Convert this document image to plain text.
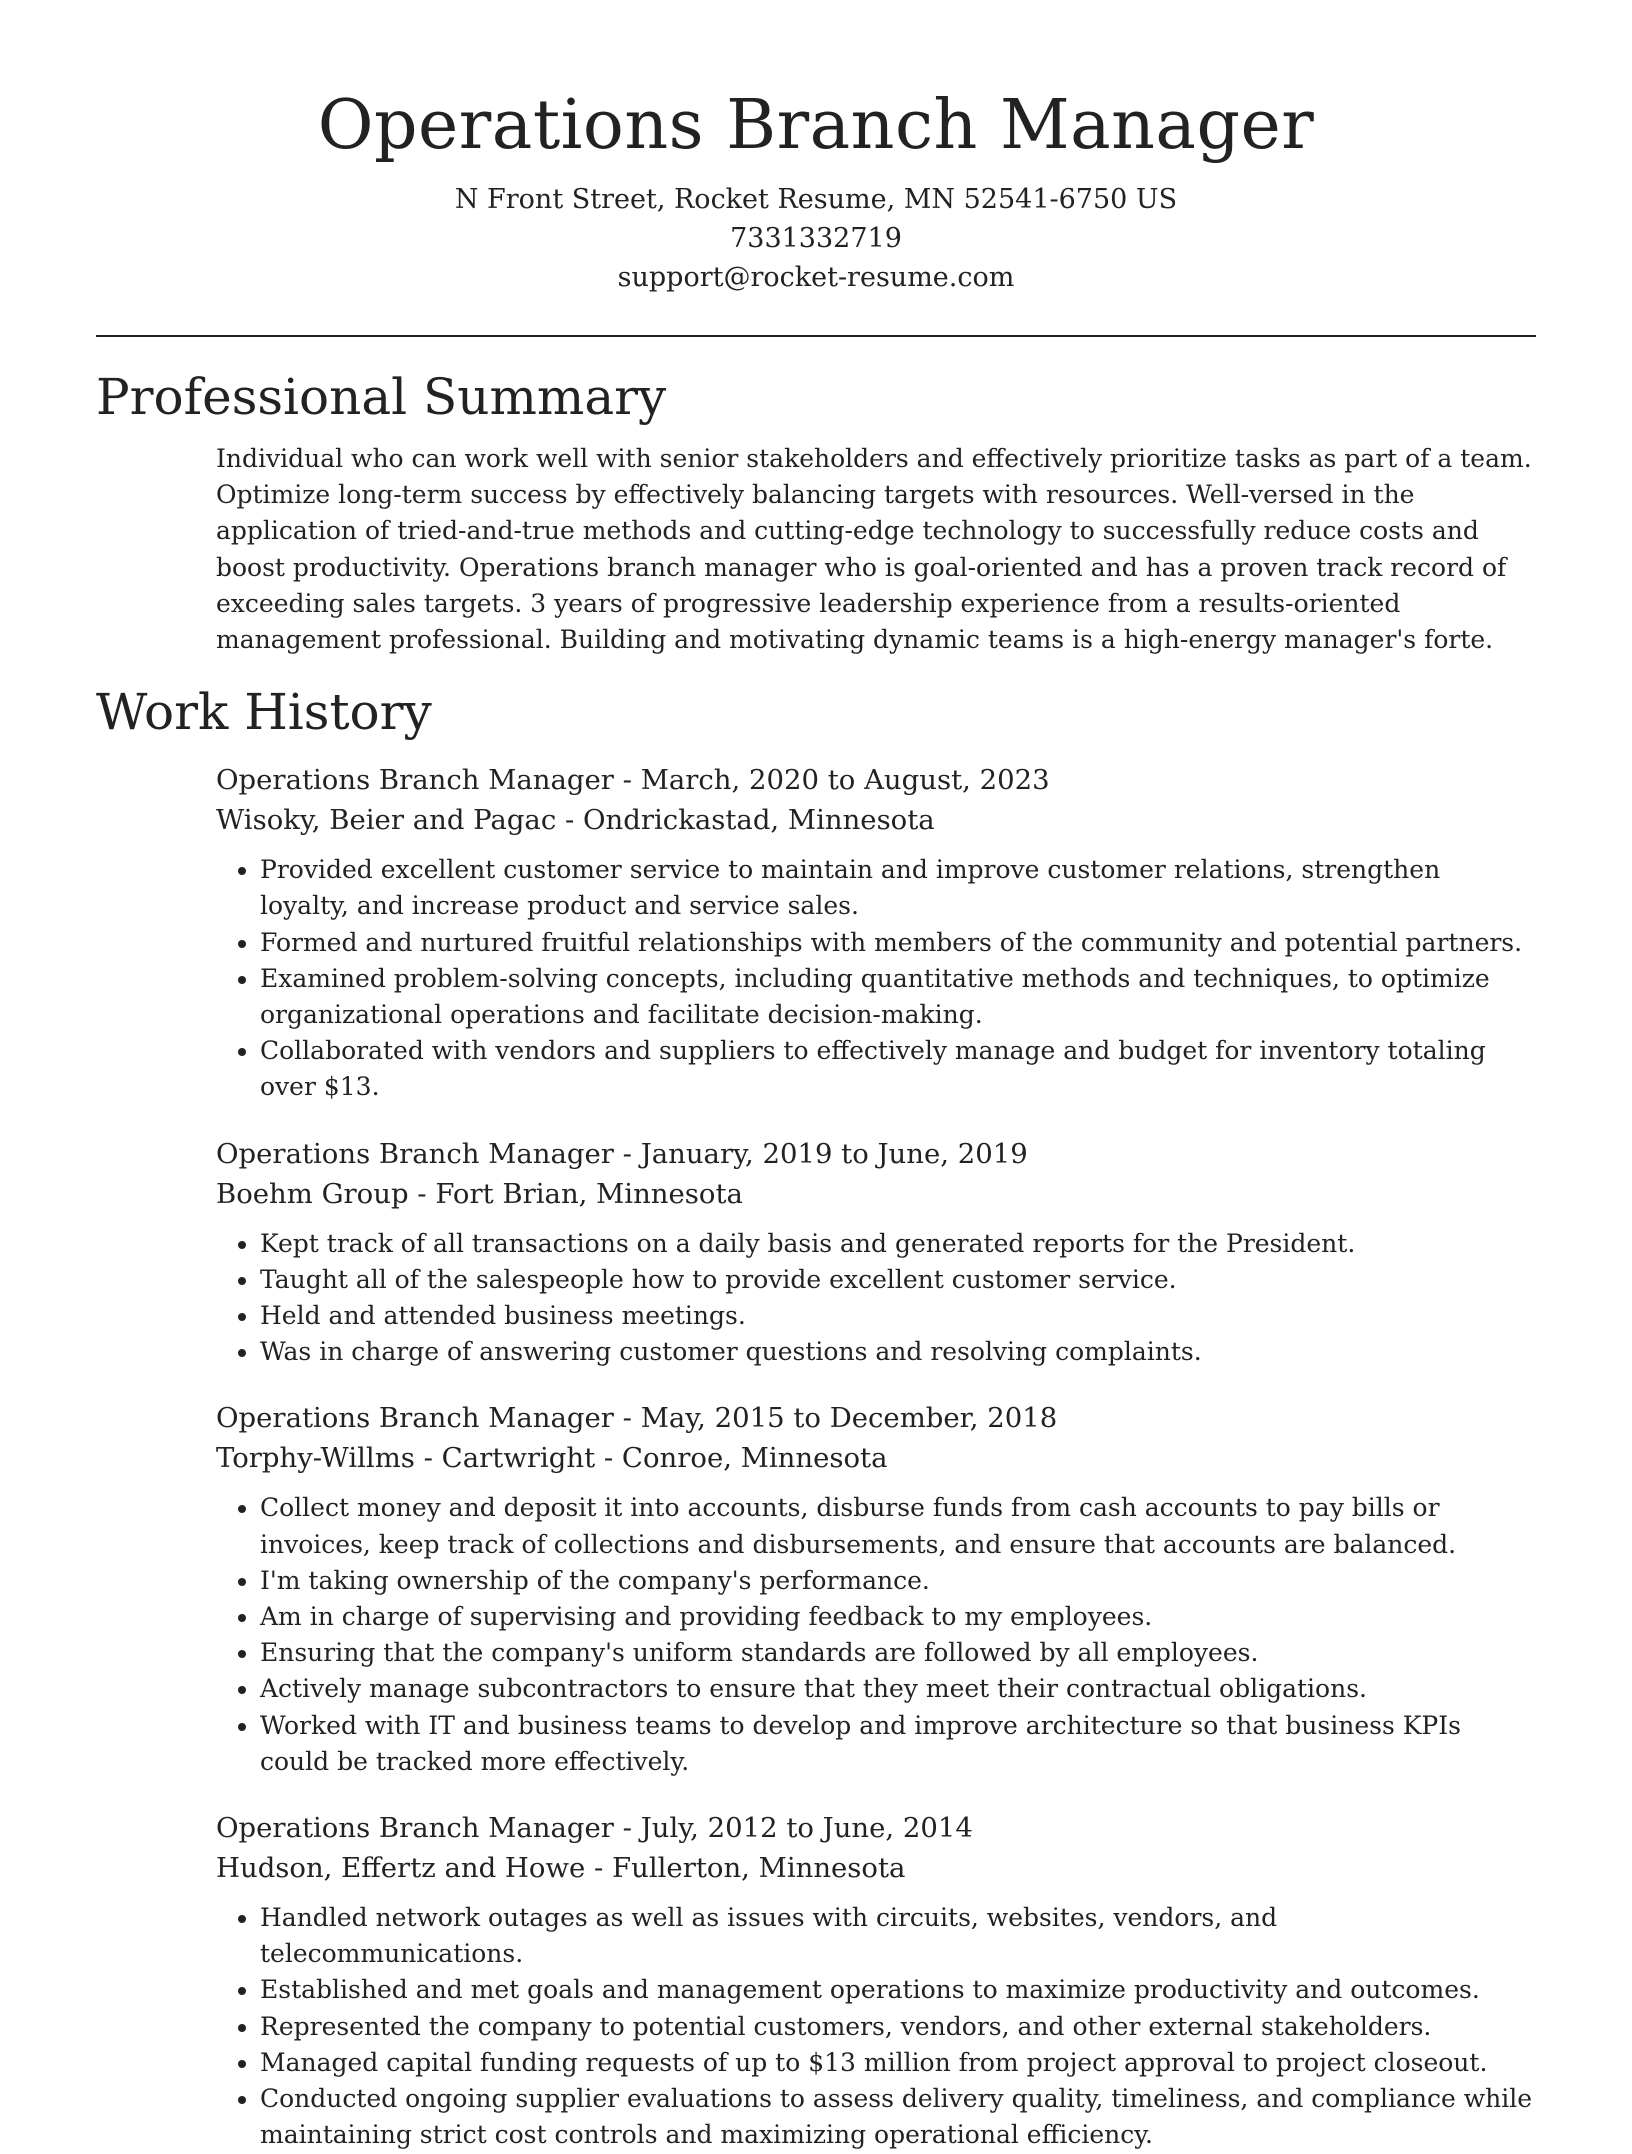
Operations Branch Manager

N Front Street, Rocket Resume, MN 52541-6750 US

7331332719

support@rocket-resume.com

Professional Summary

Individual who can work well with senior stakeholders and effectively prioritize tasks as part of a team. Optimize long-term success by effectively balancing targets with resources. Well-versed in the application of tried-and-true methods and cutting-edge technology to successfully reduce costs and boost productivity. Operations branch manager who is goal-oriented and has a proven track record of exceeding sales targets. 3 years of progressive leadership experience from a results-oriented management professional. Building and motivating dynamic teams is a high-energy manager's forte.

Work History

Operations Branch Manager - March, 2020 to August, 2023

Wisoky, Beier and Pagac - Ondrickastad, Minnesota

• Provided excellent customer service to maintain and improve customer relations, strengthen loyalty, and increase product and service sales.
• Formed and nurtured fruitful relationships with members of the community and potential partners.
• Examined problem-solving concepts, including quantitative methods and techniques, to optimize organizational operations and facilitate decision-making.
• Collaborated with vendors and suppliers to effectively manage and budget for inventory totaling over $13.

Operations Branch Manager - January, 2019 to June, 2019

Boehm Group - Fort Brian, Minnesota

• Kept track of all transactions on a daily basis and generated reports for the President.
• Taught all of the salespeople how to provide excellent customer service.
• Held and attended business meetings.
• Was in charge of answering customer questions and resolving complaints.

Operations Branch Manager - May, 2015 to December, 2018

Torphy-Willms - Cartwright - Conroe, Minnesota

• Collect money and deposit it into accounts, disburse funds from cash accounts to pay bills or invoices, keep track of collections and disbursements, and ensure that accounts are balanced.
• I'm taking ownership of the company's performance.
• Am in charge of supervising and providing feedback to my employees.
• Ensuring that the company's uniform standards are followed by all employees.
• Actively manage subcontractors to ensure that they meet their contractual obligations.
• Worked with IT and business teams to develop and improve architecture so that business KPIs could be tracked more effectively.

Operations Branch Manager - July, 2012 to June, 2014

Hudson, Effertz and Howe - Fullerton, Minnesota

• Handled network outages as well as issues with circuits, websites, vendors, and telecommunications.
• Established and met goals and management operations to maximize productivity and outcomes.
• Represented the company to potential customers, vendors, and other external stakeholders.
• Managed capital funding requests of up to $13 million from project approval to project closeout.
• Conducted ongoing supplier evaluations to assess delivery quality, timeliness, and compliance while maintaining strict cost controls and maximizing operational efficiency.
